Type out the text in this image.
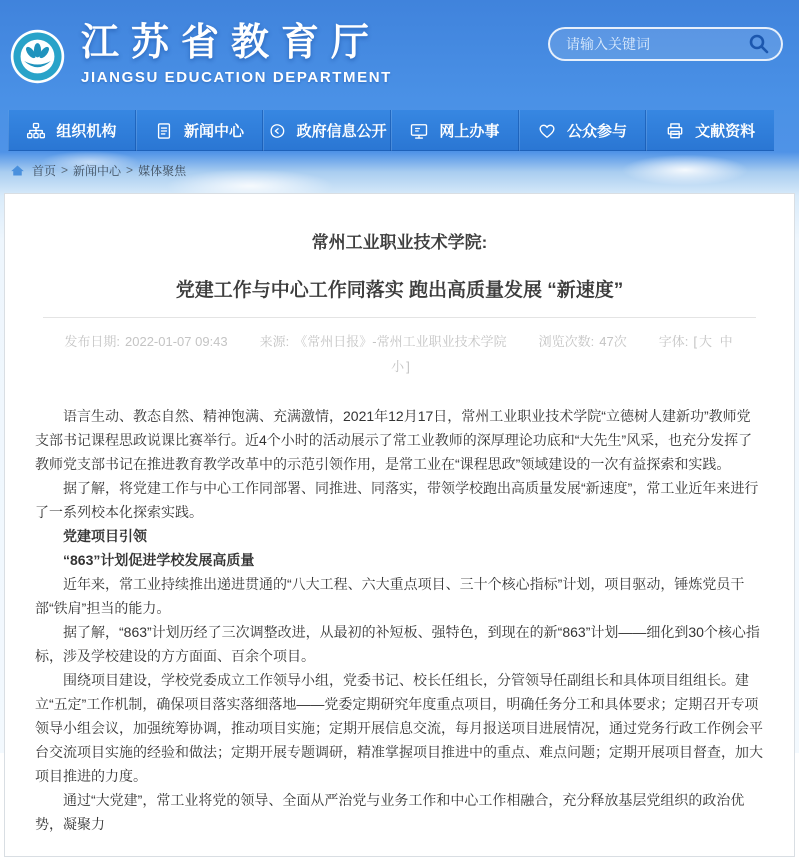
江苏省教育厅
JIANGSU EDUCATION DEPARTMENT
请输入关键词
组织机构	新闻中心	政府信息公开	网上办事	公众参与	文献资料
首页 > 新闻中心 > 媒体聚焦
常州工业职业技术学院:
党建工作与中心工作同落实 跑出高质量发展 “新速度”
发布日期: 2022-01-07 09:43 来源: 《常州日报》-常州工业职业技术学院 浏览次数: 47次 字体: [ 大 中
小 ]

语言生动、教态自然、精神饱满、充满激情，2021年12月17日，常州工业职业技术学院“立德树人建新功”教师党支部书记课程思政说课比赛举行。近4个小时的活动展示了常工业教师的深厚理论功底和“大先生”风采，也充分发挥了教师党支部书记在推进教育教学改革中的示范引领作用，是常工业在“课程思政”领域建设的一次有益探索和实践。

据了解，将党建工作与中心工作同部署、同推进、同落实，带领学校跑出高质量发展“新速度”，常工业近年来进行了一系列校本化探索实践。

党建项目引领

“863”计划促进学校发展高质量

近年来，常工业持续推出递进贯通的“八大工程、六大重点项目、三十个核心指标”计划，项目驱动，锤炼党员干部“铁肩”担当的能力。

据了解，“863”计划历经了三次调整改进，从最初的补短板、强特色，到现在的新“863”计划——细化到30个核心指标，涉及学校建设的方方面面、百余个项目。

围绕项目建设，学校党委成立工作领导小组，党委书记、校长任组长，分管领导任副组长和具体项目组组长。建立“五定”工作机制，确保项目落实落细落地——党委定期研究年度重点项目，明确任务分工和具体要求；定期召开专项领导小组会议，加强统筹协调，推动项目实施；定期开展信息交流，每月报送项目进展情况，通过党务行政工作例会平台交流项目实施的经验和做法；定期开展专题调研，精准掌握项目推进中的重点、难点问题；定期开展项目督查，加大项目推进的力度。

通过“大党建”，常工业将党的领导、全面从严治党与业务工作和中心工作相融合，充分释放基层党组织的政治优势，凝聚力
